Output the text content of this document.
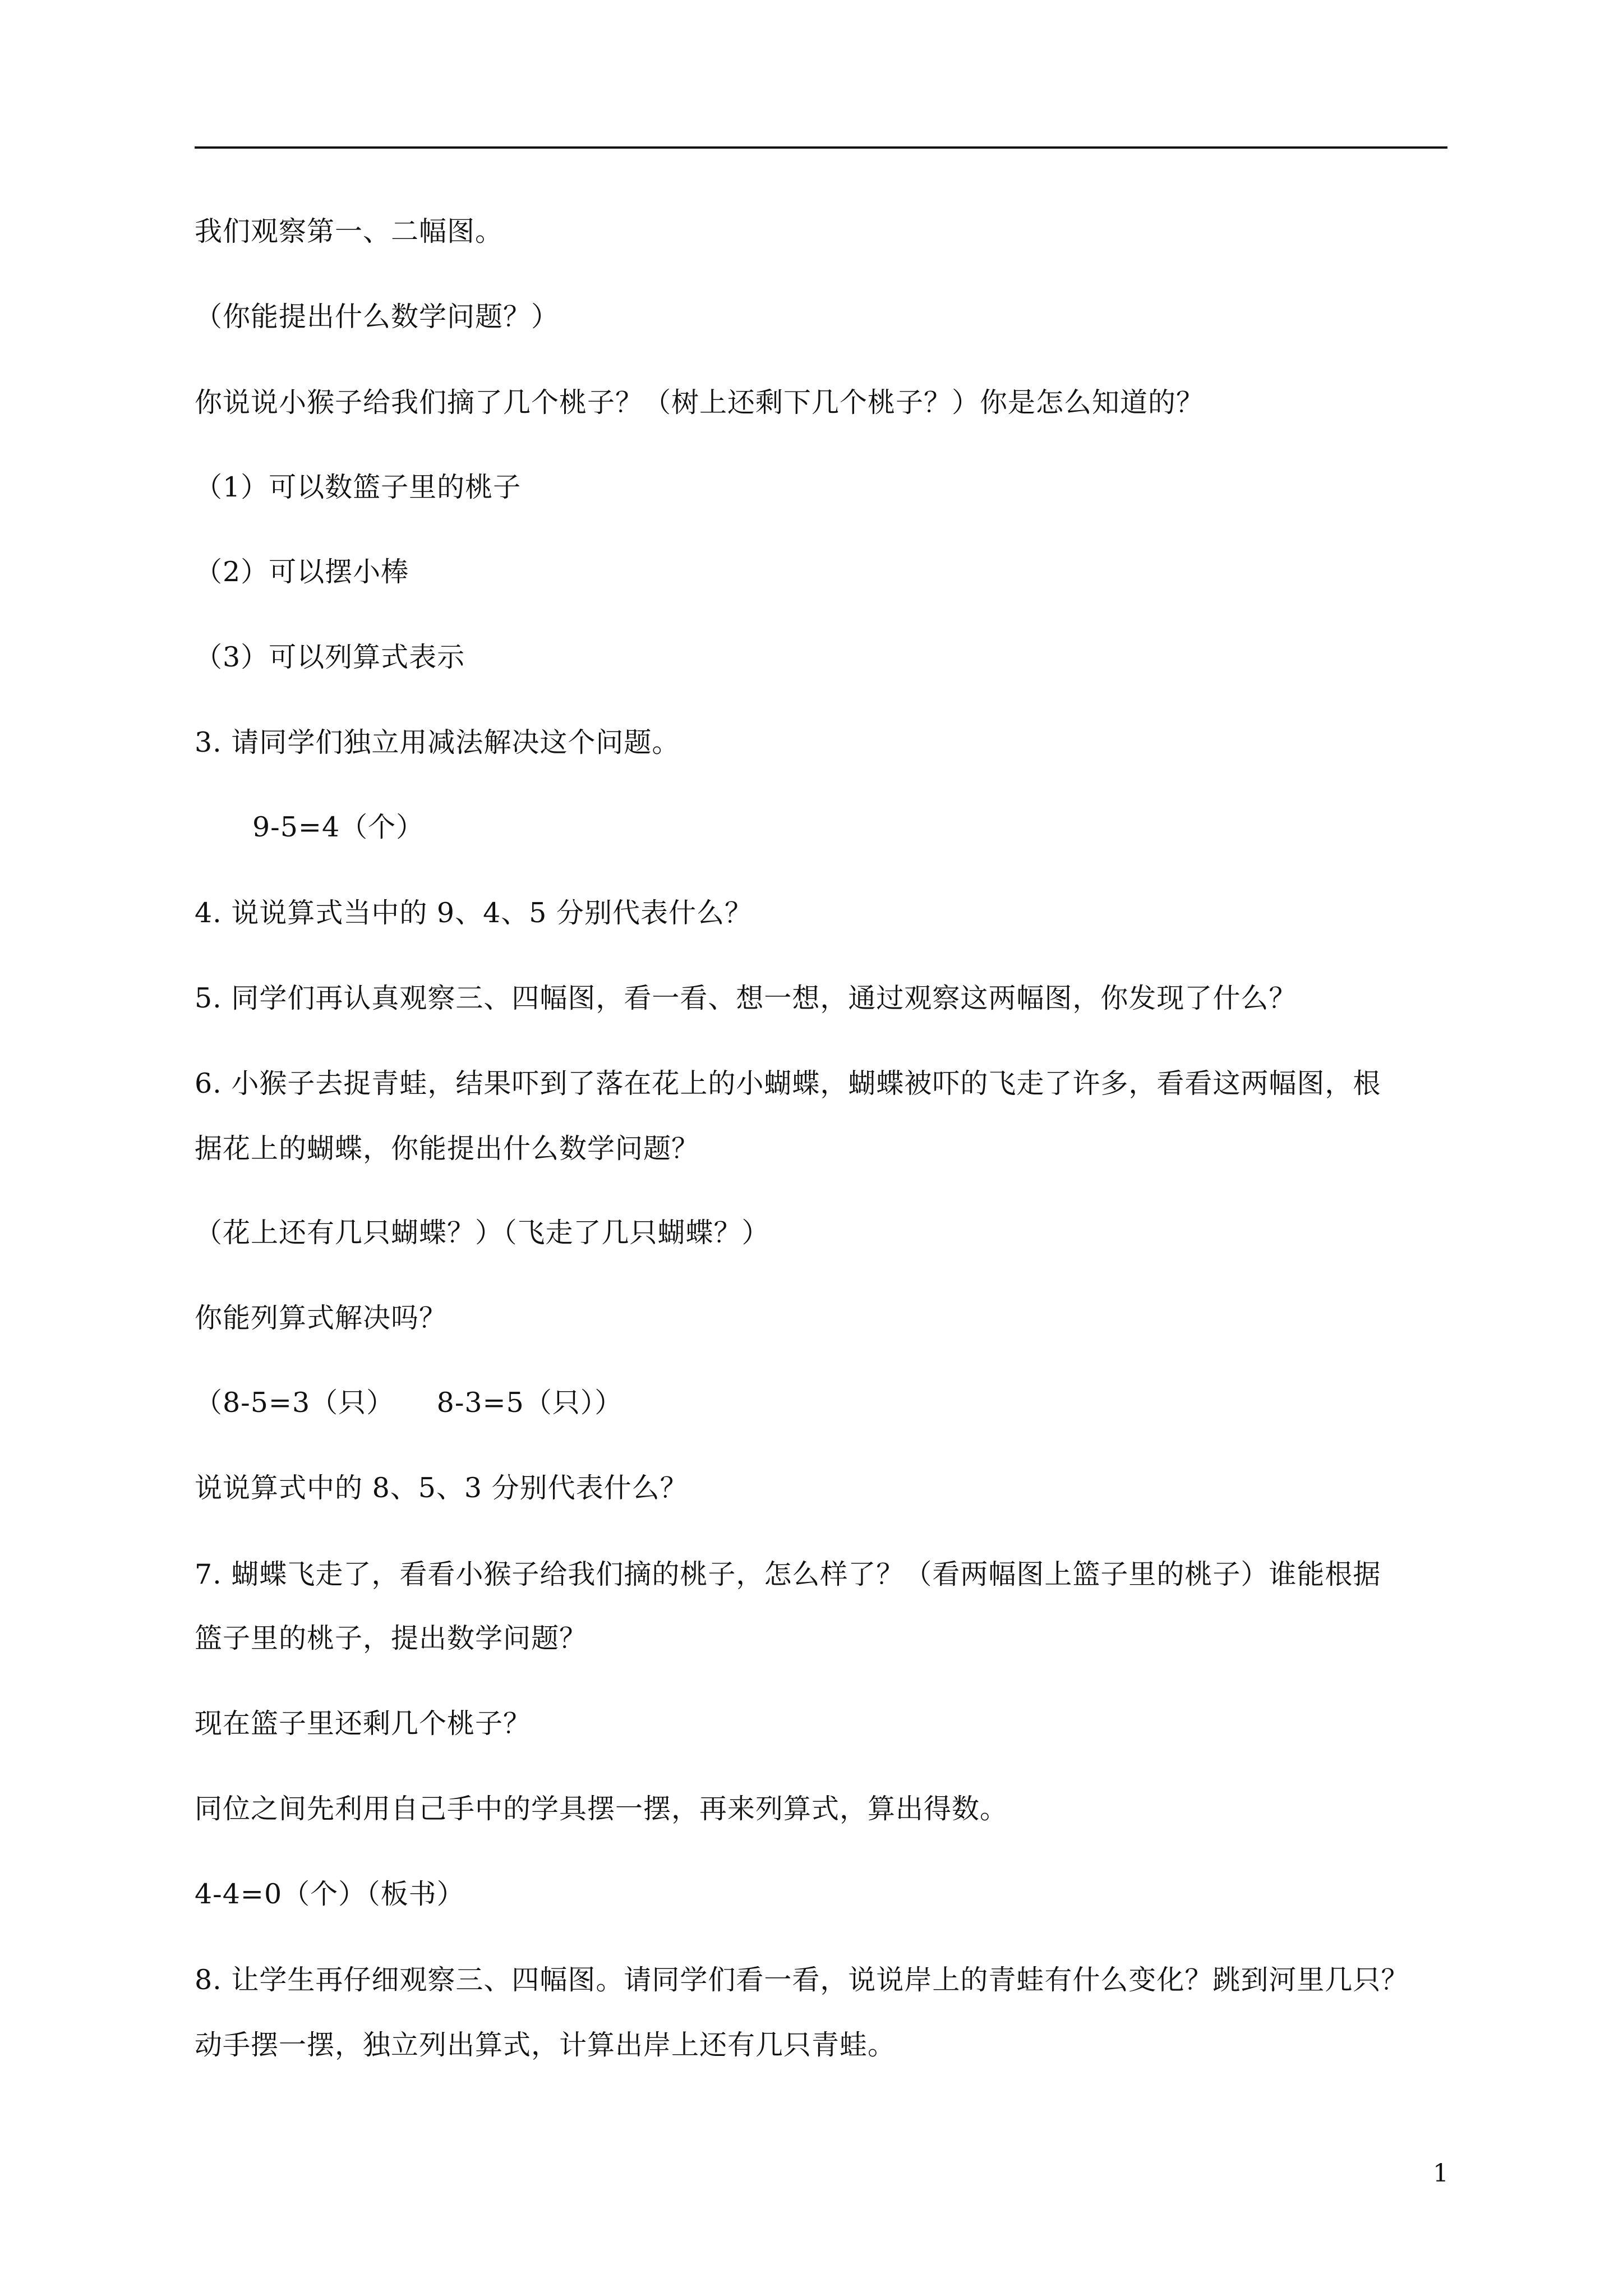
我们观察第一、二幅图。
（你能提出什么数学问题？）
你说说小猴子给我们摘了几个桃子？（树上还剩下几个桃子？）你是怎么知道的？
（1）可以数篮子里的桃子
（2）可以摆小棒
（3）可以列算式表示
3. 请同学们独立用减法解决这个问题。
9-5=4（个）
4. 说说算式当中的 9、4、5 分别代表什么？
5. 同学们再认真观察三、四幅图，看一看、想一想，通过观察这两幅图，你发现了什么？
6. 小猴子去捉青蛙，结果吓到了落在花上的小蝴蝶，蝴蝶被吓的飞走了许多，看看这两幅图，根
据花上的蝴蝶，你能提出什么数学问题？
（花上还有几只蝴蝶？）（飞走了几只蝴蝶？）
你能列算式解决吗？
（8-5=3（只）　　8-3=5（只））
说说算式中的 8、5、3 分别代表什么？
7. 蝴蝶飞走了，看看小猴子给我们摘的桃子，怎么样了？（看两幅图上篮子里的桃子）谁能根据
篮子里的桃子，提出数学问题？
现在篮子里还剩几个桃子？
同位之间先利用自己手中的学具摆一摆，再来列算式，算出得数。
4-4=0（个）（板书）
8. 让学生再仔细观察三、四幅图。请同学们看一看，说说岸上的青蛙有什么变化？跳到河里几只？
动手摆一摆，独立列出算式，计算出岸上还有几只青蛙。
1
